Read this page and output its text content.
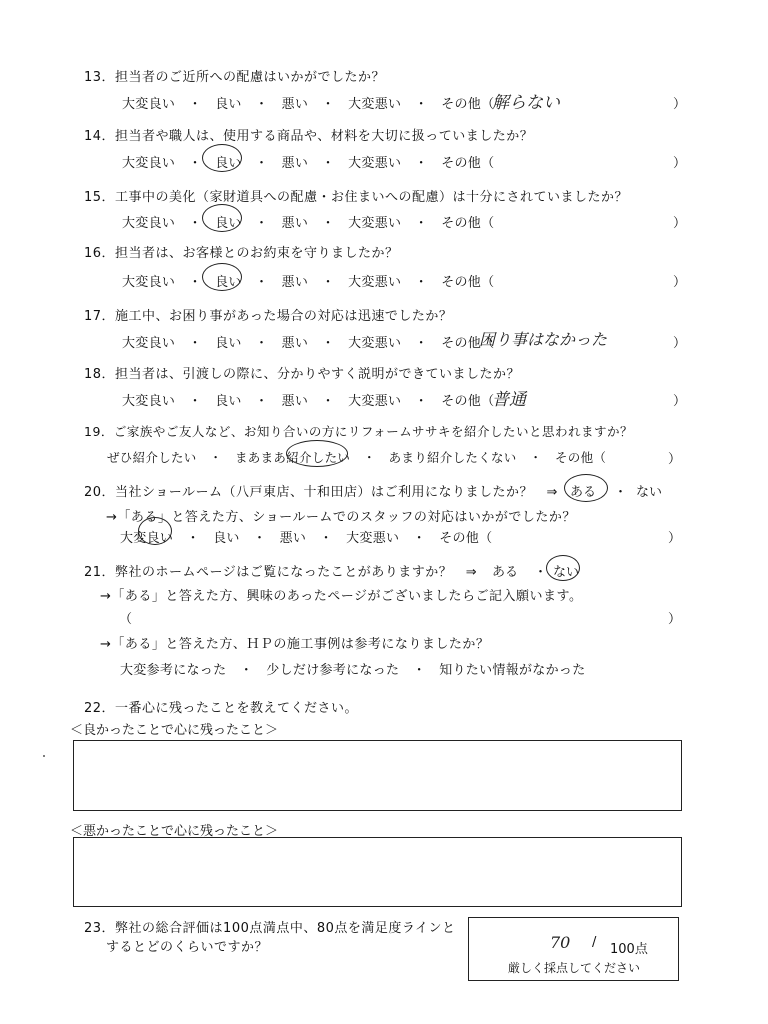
13．担当者のご近所への配慮はいかがでしたか？
大変良い　・　良い　・　悪い　・　大変悪い　・　その他（
解らない	）
14．担当者や職人は、使用する商品や、材料を大切に扱っていましたか？
大変良い　・　良い　・　悪い　・　大変悪い　・　その他（	）
15．工事中の美化（家財道具への配慮・お住まいへの配慮）は十分にされていましたか？
大変良い　・　良い　・　悪い　・　大変悪い　・　その他（	）
16．担当者は、お客様とのお約束を守りましたか？
大変良い　・　良い　・　悪い　・　大変悪い　・　その他（	）
17．施工中、お困り事があった場合の対応は迅速でしたか？
大変良い　・　良い　・　悪い　・　大変悪い　・　その他（
困り事はなかった	）
18．担当者は、引渡しの際に、分かりやすく説明ができていましたか？
大変良い　・　良い　・　悪い　・　大変悪い　・　その他（
普通	）
19．ご家族やご友人など、お知り合いの方にリフォームササキを紹介したいと思われますか？
ぜひ紹介したい　・　まあまあ紹介したい　・　あまり紹介したくない　・　その他（	）
20．当社ショールーム（八戸東店、十和田店）はご利用になりましたか？　⇒ ある ・ ない
→「ある」と答えた方、ショールームでのスタッフの対応はいかがでしたか？
大変良い　・　良い　・　悪い　・　大変悪い　・　その他（	）
21．弊社のホームページはご覧になったことがありますか？　⇒ ある ・ ない
→「ある」と答えた方、興味のあったページがございましたらご記入願います。
（	）
→「ある」と答えた方、ＨＰの施工事例は参考になりましたか？
大変参考になった　・　少しだけ参考になった　・　知りたい情報がなかった
22．一番心に残ったことを教えてください。
＜良かったことで心に残ったこと＞
＜悪かったことで心に残ったこと＞
23．弊社の総合評価は100点満点中、80点を満足度ラインと
するとどのくらいですか？	70 / 100点
厳しく採点してください
